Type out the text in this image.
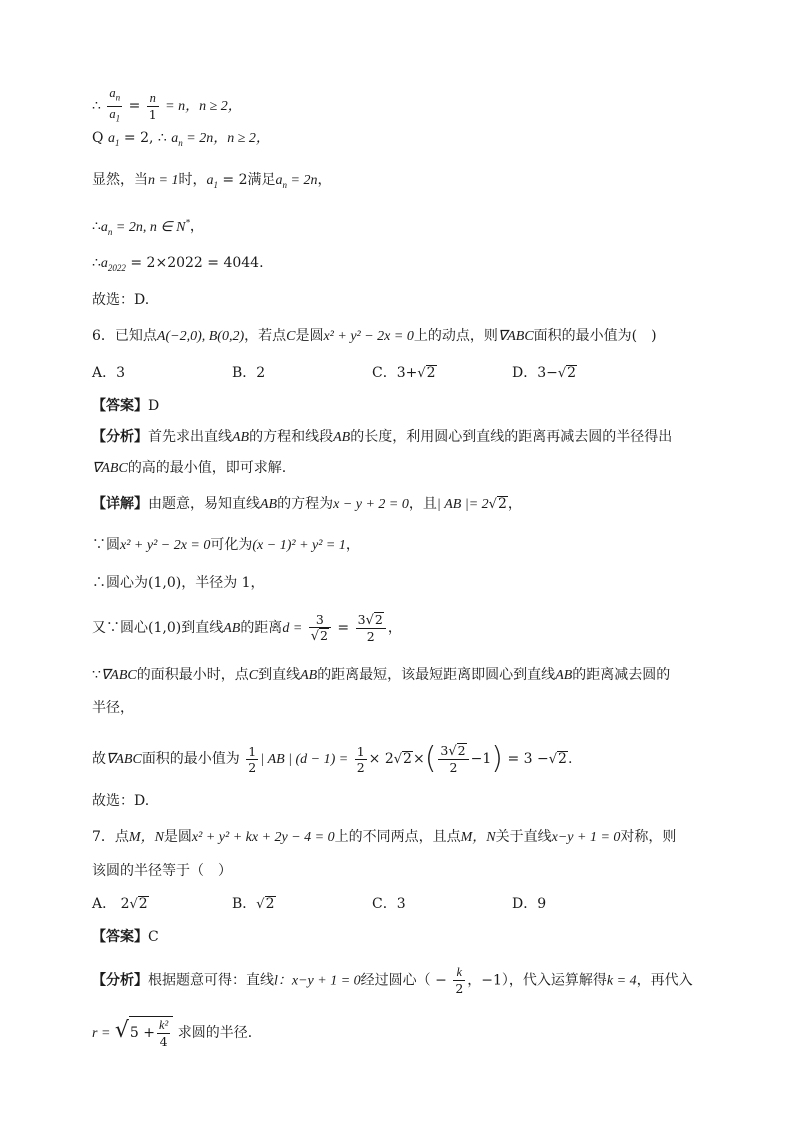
∴ $\frac{a_n}{a_1} = \frac{n}{1} = n$，n ≥ 2，
Q $a_1 = 2$, ∴ $a_n = 2n$，n ≥ 2，
显然，当n = 1时，$a_1 = 2$满足$a_n = 2n$，
$\therefore a_n = 2n$, n ∈ N*，
$\therefore a_{2022} = 2\times 2022 = 4044$.
故选：D.
6．已知点A(−2,0), B(0,2)，若点C是圆x² + y² − 2x = 0上的动点，则∇ABC面积的最小值为(　)
A．3	B．2	C．3+√2	D．3−√2
【答案】D
【分析】首先求出直线AB的方程和线段AB的长度，利用圆心到直线的距离再减去圆的半径得出
∇ABC的高的最小值，即可求解.
【详解】由题意，易知直线AB的方程为x − y + 2 = 0，且| AB |= 2√2，
∵圆x² + y² − 2x = 0可化为(x − 1)² + y² = 1，
∴圆心为(1,0)，半径为 1，
又∵圆心(1,0)到直线AB的距离$d = \frac{3}{√2} = \frac{3√2}{2}$ ，
∵∇ABC的面积最小时，点C到直线AB的距离最短，该最短距离即圆心到直线AB的距离减去圆的
半径，
故∇ABC面积的最小值为 $\frac{1}{2}$ | AB | $(d - 1) = \frac{1}{2} \times 2√2\times( \frac{3√2}{2} -1) = 3 -√2$.
故选：D.
7．点M，N是圆x² + y² + kx + 2y − 4 = 0上的不同两点，且点M，N关于直线x−y + 1 = 0对称，则
该圆的半径等于（　）
A． 2√2	B．√2	C．3	D．9
【答案】C
【分析】根据题意可得：直线l：x−y + 1 = 0经过圆心（ − $\frac{k}{2}$ ，−1），代入运算解得k = 4，再代入
$r = √5 + \frac{\text{k²}}{4}$ 求圆的半径．
